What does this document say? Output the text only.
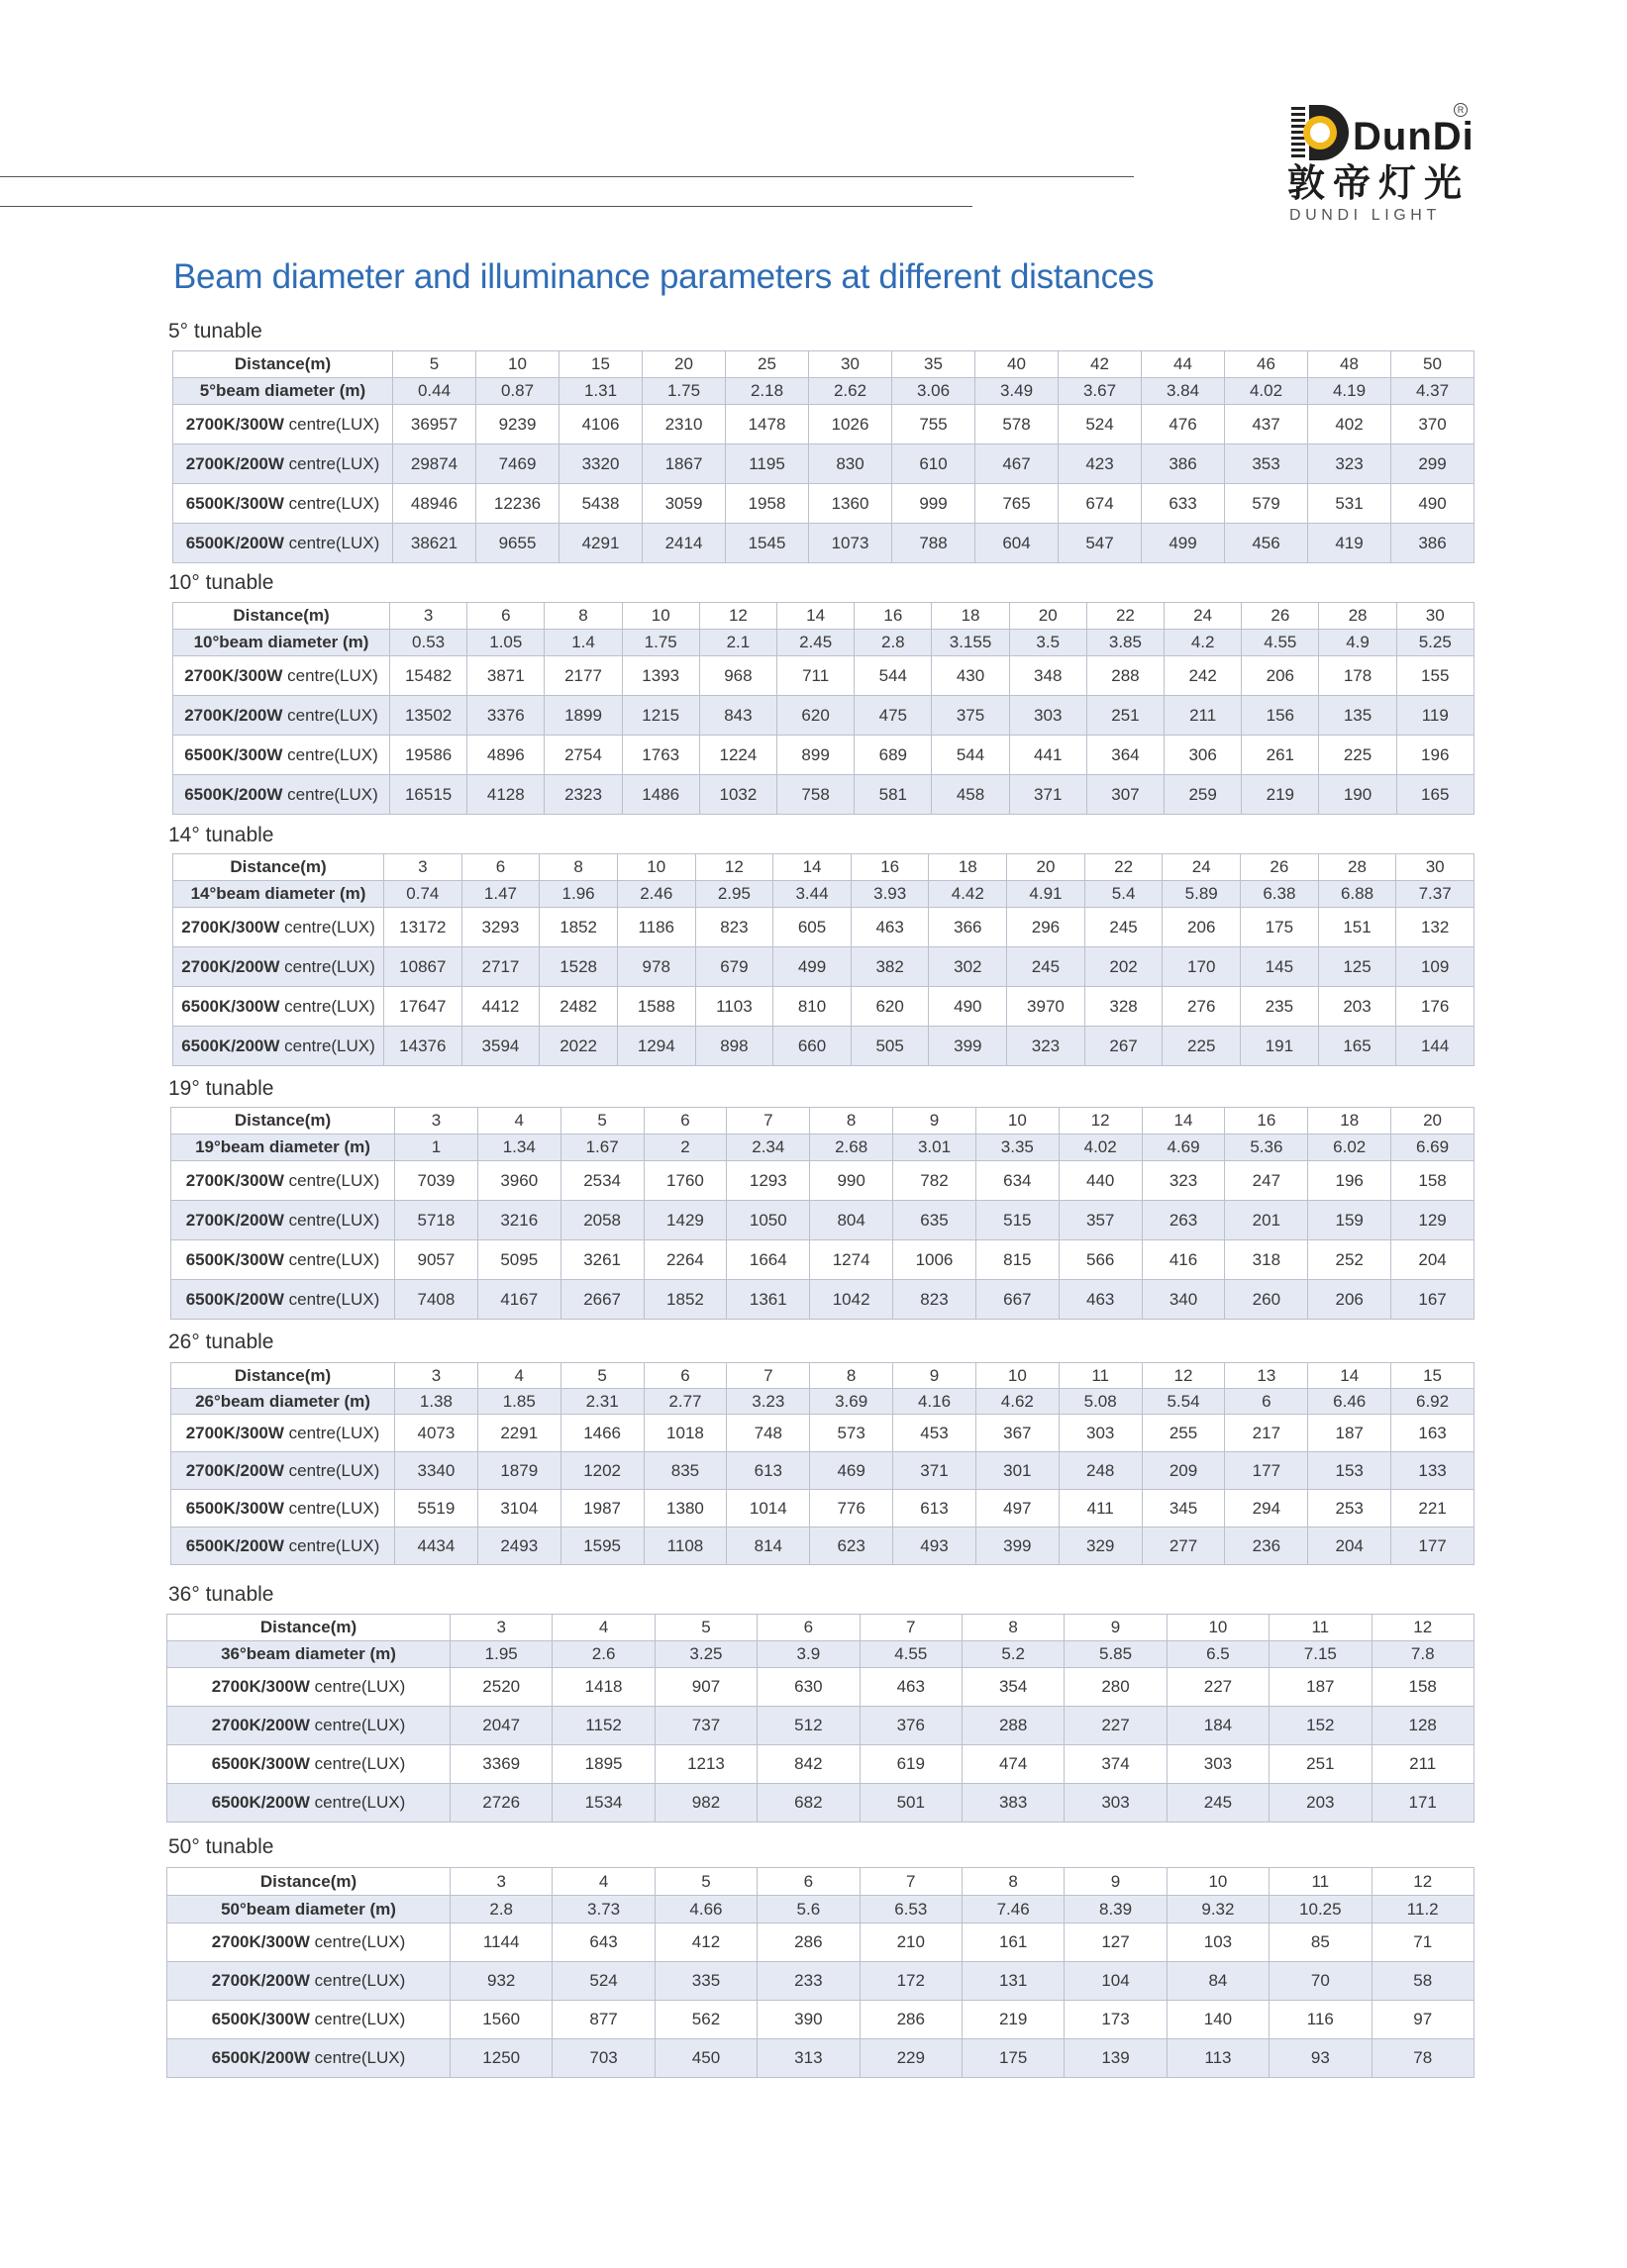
DunDi
R
敦帝灯光
DUNDI LIGHT
Beam diameter and illuminance parameters at different distances
5° tunable
Distance(m)	5	10	15	20	25	30	35	40	42	44	46	48	50
5°beam diameter (m)	0.44	0.87	1.31	1.75	2.18	2.62	3.06	3.49	3.67	3.84	4.02	4.19	4.37
2700K/300W centre(LUX)	36957	9239	4106	2310	1478	1026	755	578	524	476	437	402	370
2700K/200W centre(LUX)	29874	7469	3320	1867	1195	830	610	467	423	386	353	323	299
6500K/300W centre(LUX)	48946	12236	5438	3059	1958	1360	999	765	674	633	579	531	490
6500K/200W centre(LUX)	38621	9655	4291	2414	1545	1073	788	604	547	499	456	419	386
10° tunable
Distance(m)	3	6	8	10	12	14	16	18	20	22	24	26	28	30
10°beam diameter (m)	0.53	1.05	1.4	1.75	2.1	2.45	2.8	3.155	3.5	3.85	4.2	4.55	4.9	5.25
2700K/300W centre(LUX)	15482	3871	2177	1393	968	711	544	430	348	288	242	206	178	155
2700K/200W centre(LUX)	13502	3376	1899	1215	843	620	475	375	303	251	211	156	135	119
6500K/300W centre(LUX)	19586	4896	2754	1763	1224	899	689	544	441	364	306	261	225	196
6500K/200W centre(LUX)	16515	4128	2323	1486	1032	758	581	458	371	307	259	219	190	165
14° tunable
Distance(m)	3	6	8	10	12	14	16	18	20	22	24	26	28	30
14°beam diameter (m)	0.74	1.47	1.96	2.46	2.95	3.44	3.93	4.42	4.91	5.4	5.89	6.38	6.88	7.37
2700K/300W centre(LUX)	13172	3293	1852	1186	823	605	463	366	296	245	206	175	151	132
2700K/200W centre(LUX)	10867	2717	1528	978	679	499	382	302	245	202	170	145	125	109
6500K/300W centre(LUX)	17647	4412	2482	1588	1103	810	620	490	3970	328	276	235	203	176
6500K/200W centre(LUX)	14376	3594	2022	1294	898	660	505	399	323	267	225	191	165	144
19° tunable
Distance(m)	3	4	5	6	7	8	9	10	12	14	16	18	20
19°beam diameter (m)	1	1.34	1.67	2	2.34	2.68	3.01	3.35	4.02	4.69	5.36	6.02	6.69
2700K/300W centre(LUX)	7039	3960	2534	1760	1293	990	782	634	440	323	247	196	158
2700K/200W centre(LUX)	5718	3216	2058	1429	1050	804	635	515	357	263	201	159	129
6500K/300W centre(LUX)	9057	5095	3261	2264	1664	1274	1006	815	566	416	318	252	204
6500K/200W centre(LUX)	7408	4167	2667	1852	1361	1042	823	667	463	340	260	206	167
26° tunable
Distance(m)	3	4	5	6	7	8	9	10	11	12	13	14	15
26°beam diameter (m)	1.38	1.85	2.31	2.77	3.23	3.69	4.16	4.62	5.08	5.54	6	6.46	6.92
2700K/300W centre(LUX)	4073	2291	1466	1018	748	573	453	367	303	255	217	187	163
2700K/200W centre(LUX)	3340	1879	1202	835	613	469	371	301	248	209	177	153	133
6500K/300W centre(LUX)	5519	3104	1987	1380	1014	776	613	497	411	345	294	253	221
6500K/200W centre(LUX)	4434	2493	1595	1108	814	623	493	399	329	277	236	204	177
36° tunable
Distance(m)	3	4	5	6	7	8	9	10	11	12
36°beam diameter (m)	1.95	2.6	3.25	3.9	4.55	5.2	5.85	6.5	7.15	7.8
2700K/300W centre(LUX)	2520	1418	907	630	463	354	280	227	187	158
2700K/200W centre(LUX)	2047	1152	737	512	376	288	227	184	152	128
6500K/300W centre(LUX)	3369	1895	1213	842	619	474	374	303	251	211
6500K/200W centre(LUX)	2726	1534	982	682	501	383	303	245	203	171
50° tunable
Distance(m)	3	4	5	6	7	8	9	10	11	12
50°beam diameter (m)	2.8	3.73	4.66	5.6	6.53	7.46	8.39	9.32	10.25	11.2
2700K/300W centre(LUX)	1144	643	412	286	210	161	127	103	85	71
2700K/200W centre(LUX)	932	524	335	233	172	131	104	84	70	58
6500K/300W centre(LUX)	1560	877	562	390	286	219	173	140	116	97
6500K/200W centre(LUX)	1250	703	450	313	229	175	139	113	93	78
